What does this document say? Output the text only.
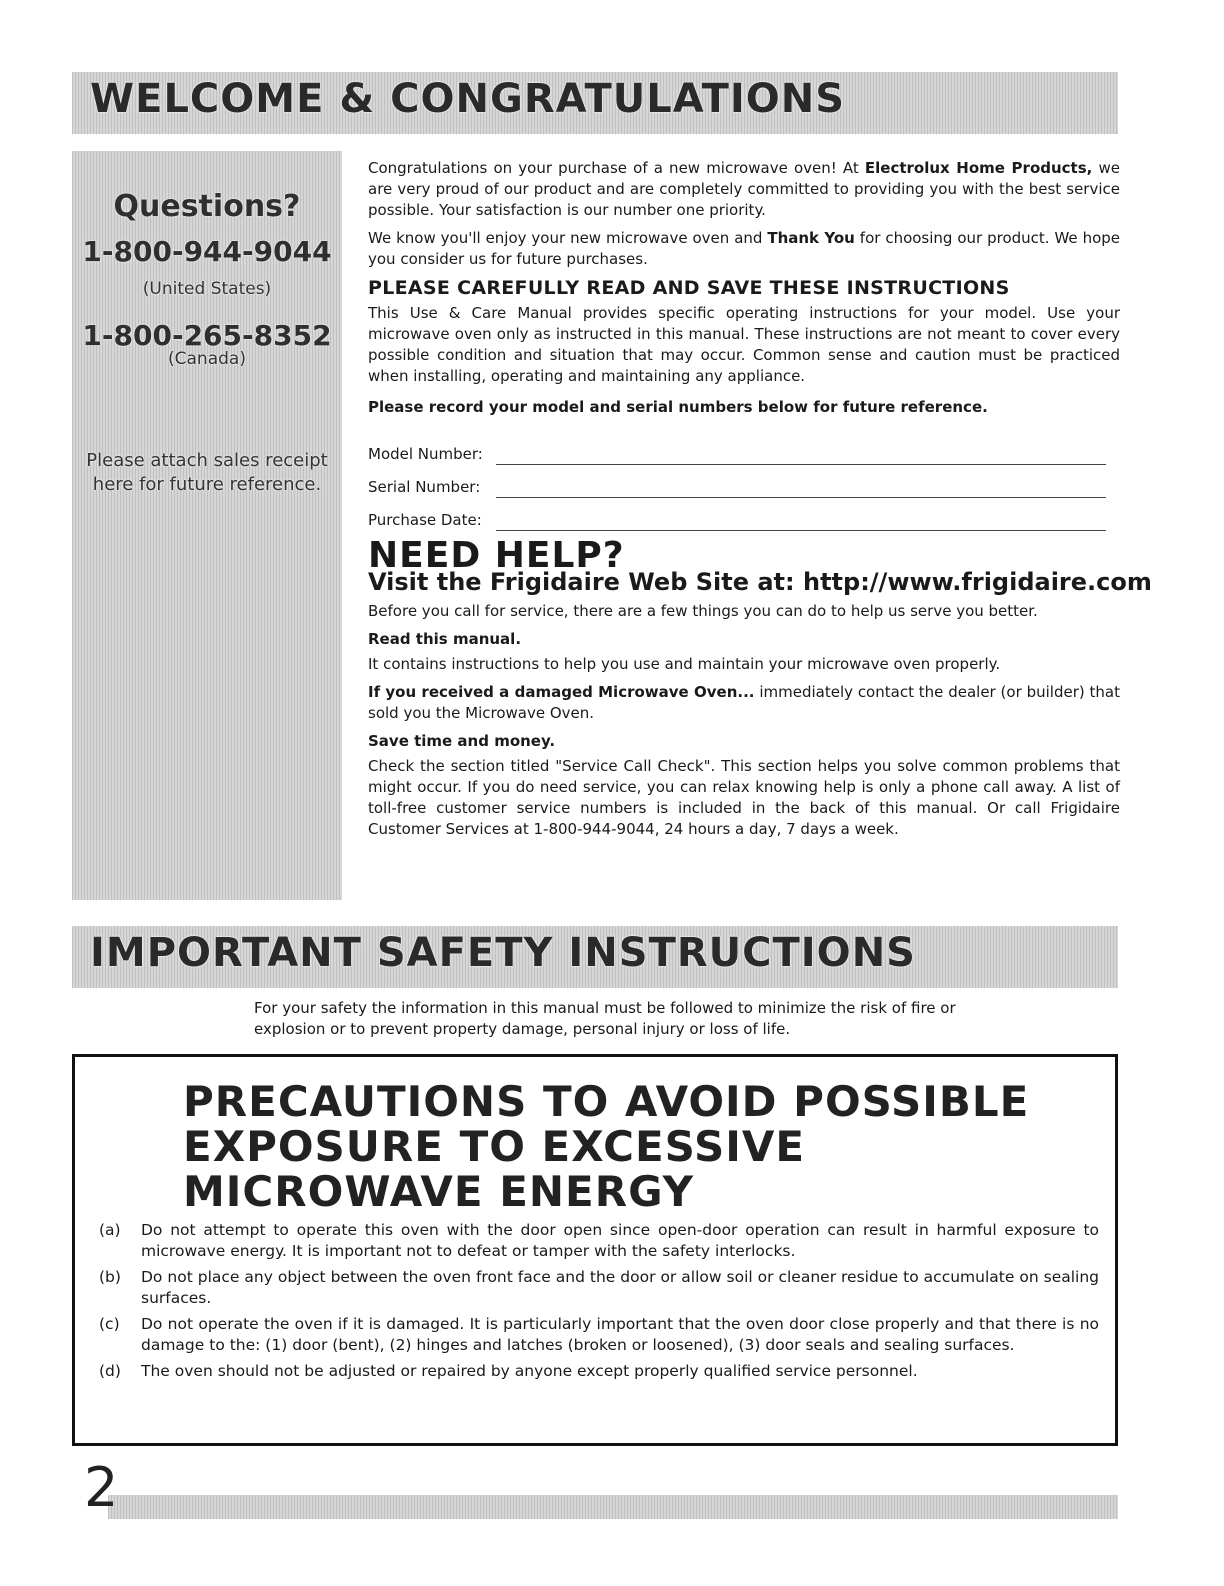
WELCOME & CONGRATULATIONS
Questions?
1-800-944-9044
(United States)
1-800-265-8352
(Canada)
Please attach sales receipt here for future reference.

Congratulations on your purchase of a new microwave oven! At Electrolux Home Products, we are very proud of our product and are completely committed to providing you with the best service possible. Your satisfaction is our number one priority.

We know you'll enjoy your new microwave oven and Thank You for choosing our product. We hope you consider us for future purchases.

PLEASE CAREFULLY READ AND SAVE THESE INSTRUCTIONS

This Use & Care Manual provides specific operating instructions for your model. Use your microwave oven only as instructed in this manual. These instructions are not meant to cover every possible condition and situation that may occur. Common sense and caution must be practiced when installing, operating and maintaining any appliance.

Please record your model and serial numbers below for future reference.
Model Number:
Serial Number:
Purchase Date:
NEED HELP?
Visit the Frigidaire Web Site at: http://www.frigidaire.com

Before you call for service, there are a few things you can do to help us serve you better.

Read this manual.

It contains instructions to help you use and maintain your microwave oven properly.

If you received a damaged Microwave Oven... immediately contact the dealer (or builder) that sold you the Microwave Oven.

Save time and money.

Check the section titled "Service Call Check". This section helps you solve common problems that might occur. If you do need service, you can relax knowing help is only a phone call away. A list of toll-free customer service numbers is included in the back of this manual. Or call Frigidaire Customer Services at 1-800-944-9044, 24 hours a day, 7 days a week.

IMPORTANT SAFETY INSTRUCTIONS

For your safety the information in this manual must be followed to minimize the risk of fire or explosion or to prevent property damage, personal injury or loss of life.

PRECAUTIONS TO AVOID POSSIBLE
EXPOSURE TO EXCESSIVE
MICROWAVE ENERGY
(a)	Do not attempt to operate this oven with the door open since open-door operation can result in harmful exposure to microwave energy. It is important not to defeat or tamper with the safety interlocks.
(b)	Do not place any object between the oven front face and the door or allow soil or cleaner residue to accumulate on sealing surfaces.
(c)	Do not operate the oven if it is damaged. It is particularly important that the oven door close properly and that there is no damage to the: (1) door (bent), (2) hinges and latches (broken or loosened), (3) door seals and sealing surfaces.
(d)	The oven should not be adjusted or repaired by anyone except properly qualified service personnel.

2
